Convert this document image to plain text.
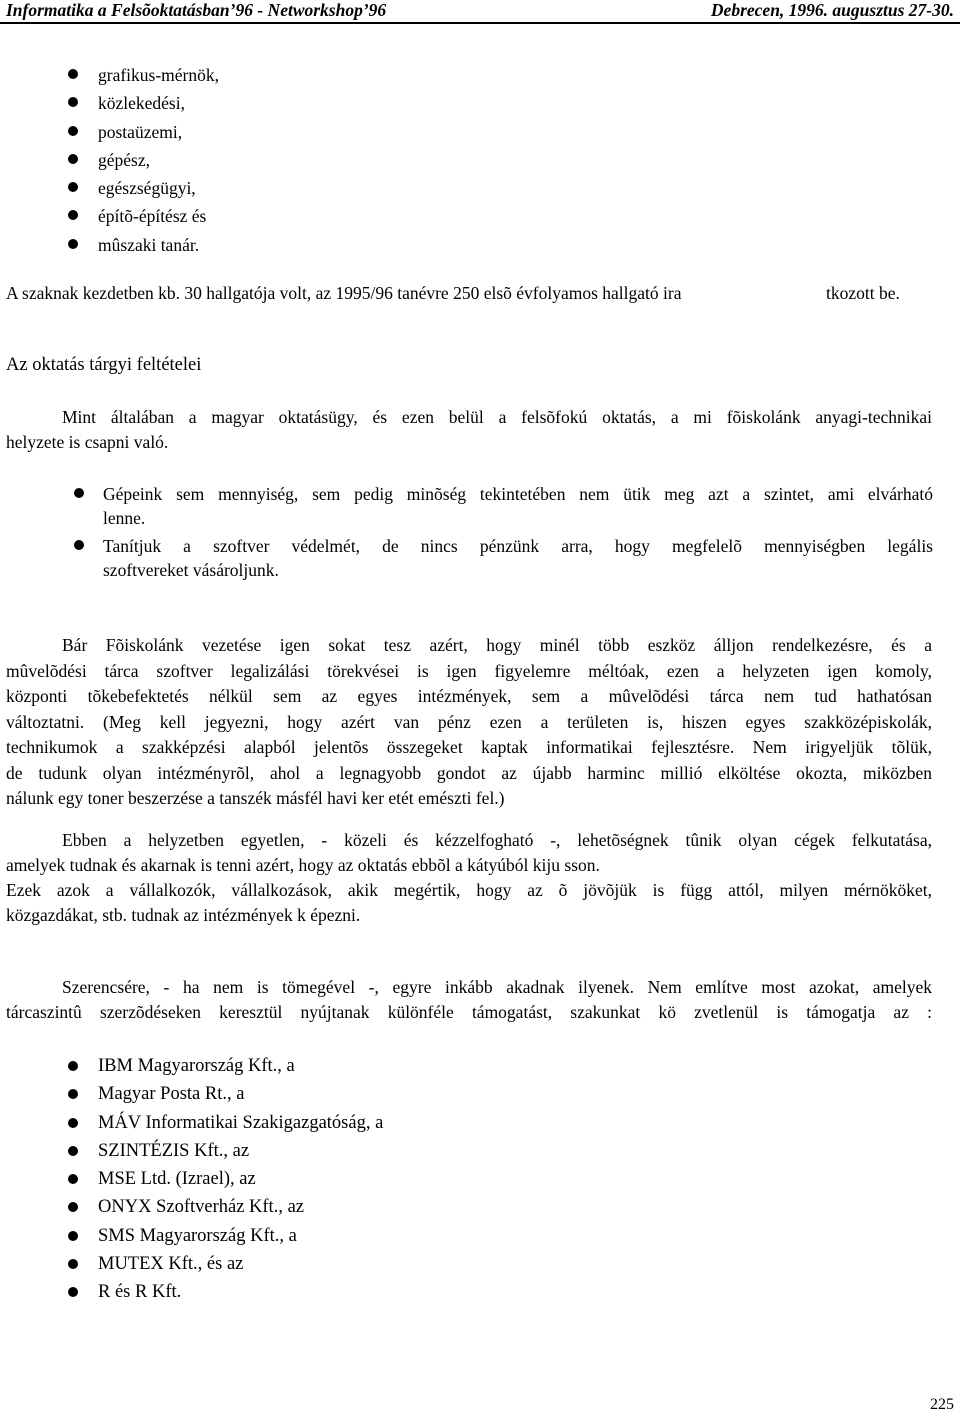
Informatika a Felsõoktatásban’96 - Networkshop’96	Debrecen, 1996. augusztus 27-30.
grafikus-mérnök,
közlekedési,
postaüzemi,
gépész,
egészségügyi,
építõ-építész és
mûszaki tanár.
A szaknak kezdetben kb. 30 hallgatója volt, az 1995/96 tanévre 250 elsõ évfolyamos hallgató ira	tkozott be.
Az oktatás tárgyi feltételei
Mint általában a magyar oktatásügy, és ezen belül a felsõfokú oktatás, a mi fõiskolánk anyagi-technikai
helyzete is csapni való.
Gépeink sem mennyiség, sem pedig minõség tekintetében nem ütik meg azt a szintet, ami elvárható
lenne.
Tanítjuk a szoftver védelmét, de nincs pénzünk arra, hogy megfelelõ mennyiségben legális
szoftvereket vásároljunk.
Bár Fõiskolánk vezetése igen sokat tesz azért, hogy minél több eszköz álljon rendelkezésre, és a
mûvelõdési tárca szoftver legalizálási törekvései is igen figyelemre méltóak, ezen a helyzeten igen komoly,
központi tõkebefektetés nélkül sem az egyes intézmények, sem a mûvelõdési tárca nem tud hathatósan
változtatni. (Meg kell jegyezni, hogy azért van pénz ezen a területen is, hiszen egyes szakközépiskolák,
technikumok a szakképzési alapból jelentõs összegeket kaptak informatikai fejlesztésre. Nem irigyeljük tõlük,
de tudunk olyan intézményrõl, ahol a legnagyobb gondot az újabb harminc millió elköltése okozta, miközben
nálunk egy toner beszerzése a tanszék másfél havi ker etét emészti fel.)
Ebben a helyzetben egyetlen, - közeli és kézzelfogható -, lehetõségnek tûnik olyan cégek felkutatása,
amelyek tudnak és akarnak is tenni azért, hogy az oktatás ebbõl a kátyúból kiju sson.
Ezek azok a vállalkozók, vállalkozások, akik megértik, hogy az õ jövõjük is függ attól, milyen mérnököket,
közgazdákat, stb. tudnak az intézmények k épezni.
Szerencsére, - ha nem is tömegével -, egyre inkább akadnak ilyenek. Nem említve most azokat, amelyek
tárcaszintû szerzõdéseken keresztül nyújtanak különféle támogatást, szakunkat kö zvetlenül is támogatja az :
IBM Magyarország Kft., a
Magyar Posta Rt., a
MÁV Informatikai Szakigazgatóság, a
SZINTÉZIS Kft., az
MSE Ltd. (Izrael), az
ONYX Szoftverház Kft., az
SMS Magyarország Kft., a
MUTEX Kft., és az
R és R Kft.
225
